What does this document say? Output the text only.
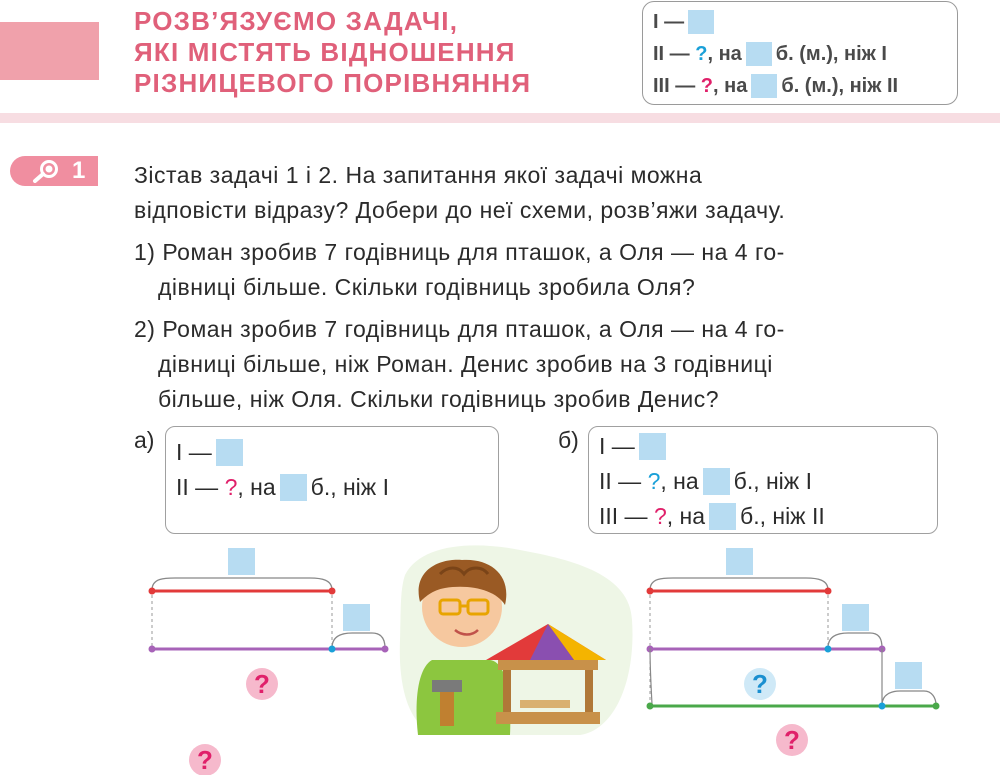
РОЗВ’ЯЗУЄМО ЗАДАЧІ,
ЯКІ МІСТЯТЬ ВІДНОШЕННЯ
РІЗНИЦЕВОГО ПОРІВНЯННЯ
І —
ІІ —
? , на б. (м.), ніж І
ІІІ —
? , на б. (м.), ніж ІІ
1 Зістав задачі 1 і 2. На запитання якої задачі можна
відповісти відразу? Добери до неї схеми, розв’яжи задачу.
1) Роман зробив 7 годівниць для пташок, а Оля — на 4 го-
дівниці більше. Скільки годівниць зробила Оля?
2) Роман зробив 7 годівниць для пташок, а Оля — на 4 го-
дівниці більше, ніж Роман. Денис зробив на 3 годівниці
більше, ніж Оля. Скільки годівниць зробив Денис?
а) І —
ІІ —
? , на б., ніж І
б) І —
ІІ —
? , на б., ніж І
ІІІ —
? , на б., ніж ІІ
?	?
?
?
